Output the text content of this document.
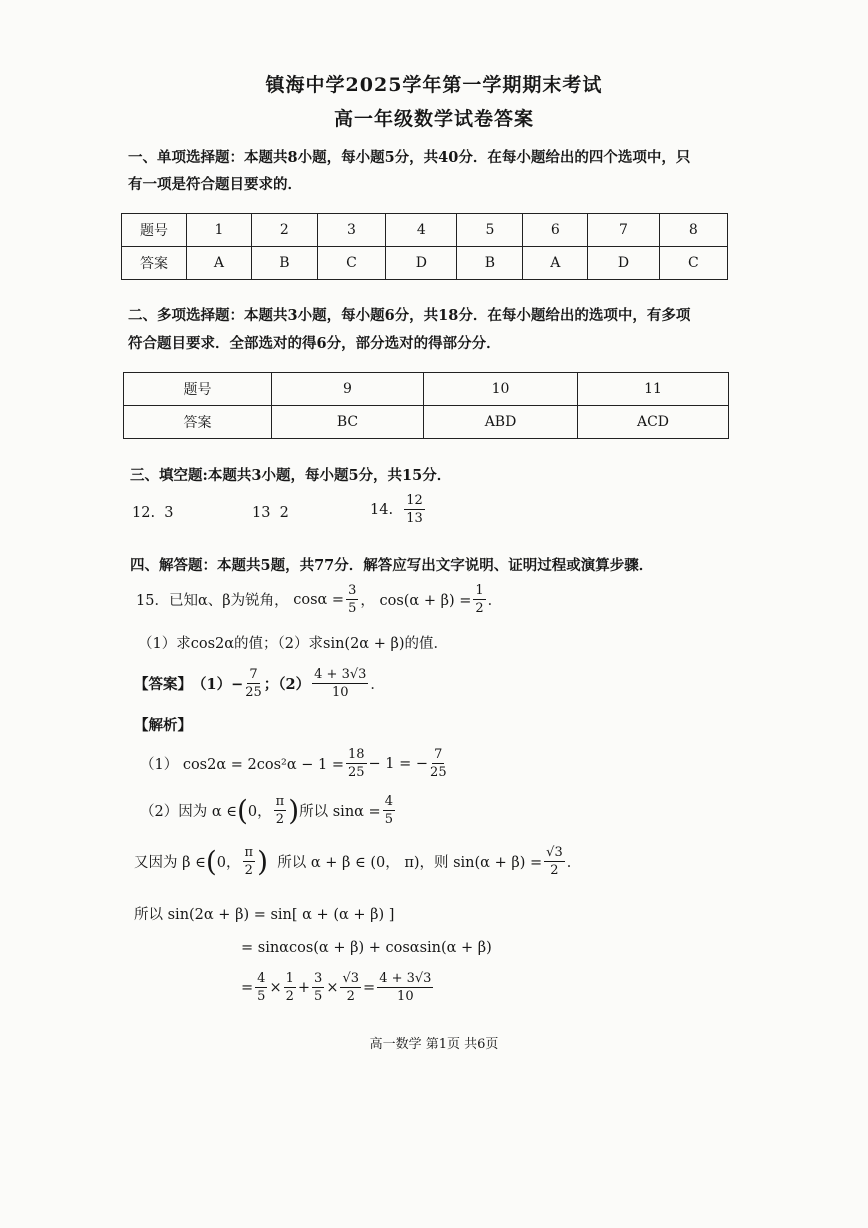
镇海中学2025学年第一学期期末考试
高一年级数学试卷答案
一、单项选择题：本题共8小题，每小题5分，共40分．在每小题给出的四个选项中，只
有一项是符合题目要求的．
题号	1	2	3	4	5	6	7	8
答案	A	B	C	D	B	A	D	C
二、多项选择题：本题共3小题，每小题6分，共18分．在每小题给出的选项中，有多项
符合题目要求．全部选对的得6分，部分选对的得部分分．
题号	9	10	11
答案	BC	ABD	ACD
三、填空题:本题共3小题，每小题5分，共15分．
12. 3	13 2	14.
$\frac{12}{13}$
四、解答题：本题共5题，共77分．解答应写出文字说明、证明过程或演算步骤．
15．已知α、β为锐角，
$\cos\alpha = \frac{3}{5}$ ， $\cos(\alpha + \beta) = \frac{1}{2}$ ．
（1）求cos2α的值；（2）求sin(2α + β)的值．
【答案】 $(1)- \frac{7}{25}$ ；$(2) \frac{4 + 3√3}{10}$ ．
【解析】
（1） $\cos 2\alpha = 2\cos^2\alpha - 1 = \frac{18}{25} - 1$ = − $\frac{7}{25}$
（2）因为 α ∈ ( 0， $\frac{\pi}{2}$ ) 所以 $\sin\alpha = \frac{4}{5}$
又因为 β ∈ ( 0， $\frac{\pi}{2}$ )
所以 α + β ∈ (0， π)，则 $\sin(\alpha + \beta) = \frac{√3}{2}$ ．
所以 sin(2α + β) = sin[ α + (α + β) ]
= sinαcos(α + β) + cosαsin(α + β)
= $\frac{4}{5} \times \frac{1}{2} + \frac{3}{5} \times \frac{√3}{2} = \frac{4 + 3√3}{10}$
高一数学 第1页 共6页
